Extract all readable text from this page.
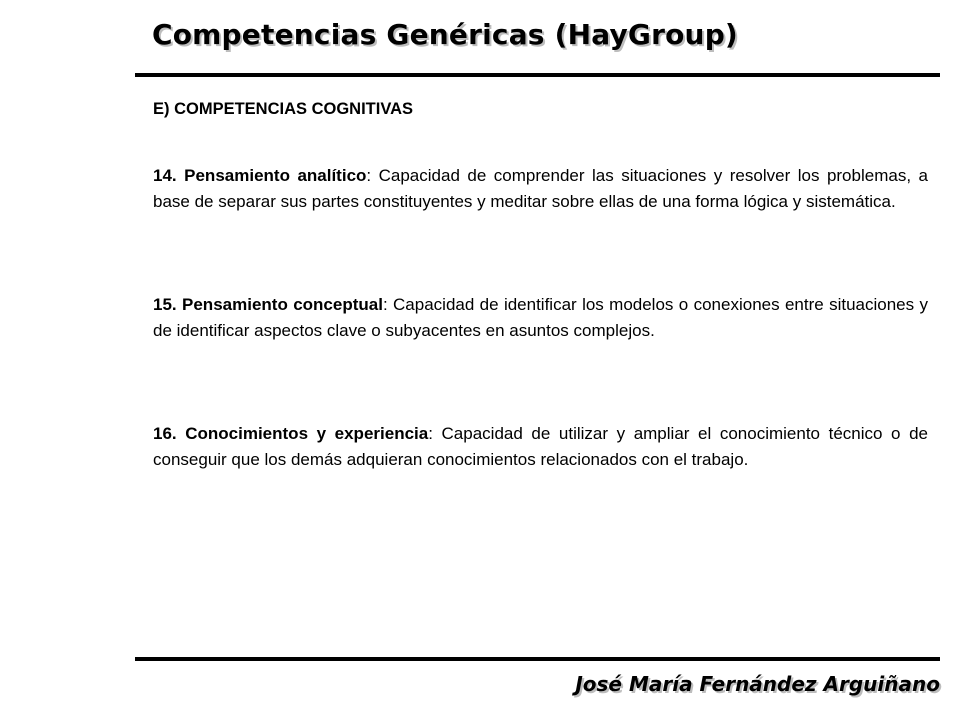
Competencias Genéricas (HayGroup)
E) COMPETENCIAS COGNITIVAS

14. Pensamiento analítico: Capacidad de comprender las situaciones y resolver los problemas, a base de separar sus partes constituyentes y meditar sobre ellas de una forma lógica y sistemática.

15. Pensamiento conceptual: Capacidad de identificar los modelos o conexiones entre situaciones y de identificar aspectos clave o subyacentes en asuntos complejos.

16. Conocimientos y experiencia: Capacidad de utilizar y ampliar el conocimiento técnico o de conseguir que los demás adquieran conocimientos relacionados con el trabajo.

José María Fernández Arguiñano
